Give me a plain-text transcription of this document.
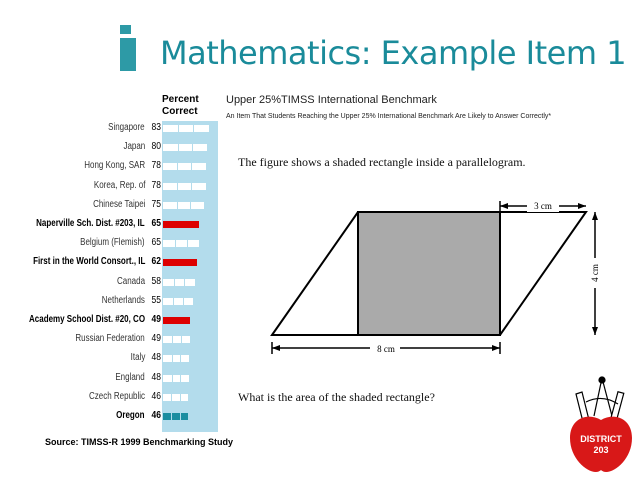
Mathematics: Example Item 1
Percent Correct
Upper 25%TIMSS International Benchmark
An Item That Students Reaching the Upper 25% International Benchmark Are Likely to Answer Correctly*
Singapore 83
Japan 80
Hong Kong, SAR 78
Korea, Rep. of 78
Chinese Taipei 75
Naperville Sch. Dist. #203, IL 65
Belgium (Flemish) 65
First in the World Consort., IL 62
Canada 58
Netherlands 55
Academy School Dist. #20, CO 49
Russian Federation 49
Italy 48
England 48
Czech Republic 46
Oregon 46
Source: TIMSS-R 1999 Benchmarking Study
The figure shows a shaded rectangle inside a parallelogram.
3 cm
4 cm
8 cm
What is the area of the shaded rectangle?
DISTRICT
203
